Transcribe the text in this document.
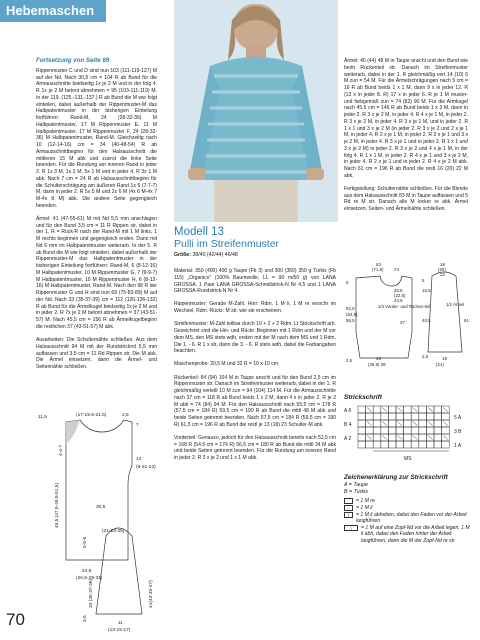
Hebemaschen
Fortsetzung von Seite 69

Rippenmuster C und D sind nun 103 (111-119-127) M auf der Nd. Nach 30,5 cm = 104 R ab Bund für die Armausschnitte beidseitig 1x je 2 M und in der folg 4. R 1x je 2 M betont abnehmen = 95 (103-111-119) M. In der 119. (125.-131.-137.) R ab Bund die M wie folgt einteilen, dabei außerhalb der Rippenmuster-M das Halbpatentmuster in der bisherigen Einteilung fortführen: Rand-M, 24 (28-32-36) M Halbpatentmuster, 17 M Rippenmuster E, 11 M Halbpatentmuster, 17 M Rippenmuster F, 24 (28-32-36) M Halbpatentmuster, Rand-M. Gleichzeitig nach 10 (12-14-16) cm = 34 (40-48-54) R ab Armausschnittbeginn für den Halsausschnitt die mittleren 15 M abk und zuerst die linke Seite beenden. Für die Rundung am inneren Rand in jeder 2. R 1x 3 M, 1x 2 M, 5x 1 M und in jeder 4. R 3x 1 M abk. Nach 7 cm = 24 R ab Halsausschnittbeginn für die Schulterschrägung am äußeren Rand 1x 5 (7-7-7) M, dann in jeder 2. R 5x 5 M und 2x 6 M (4x 6 M-4x 7 M-4x 8 M) abk. Die andere Seite gegengleich beenden.

Ärmel: 41 (47-55-61) M mit Nd 5,5 mm anschlagen und für den Bund 3,5 cm = 11 R Rippen str, dabei in der 1. R = Rück-R nach der Rand-M mit 1 M links, 1 M rechts beginnen und gegengleich enden. Dann mit Nd 6 mm im Halbpatentmuster weiterarb. In der 5. R ab Bund die M wie folgt einteilen, dabei außerhalb der Rippenmuster-M das Halbpatentmuster in der bisherigen Einteilung fortführen: Rand-M, 6 (8-12-16) M Halbpatentmuster, 10 M Rippenmuster G, 7 (9-9-7) M Halbpatentmuster, 10 M Rippenmuster H, 6 (8-12-16) M Halbpatentmuster, Rand-M. Nach den 98 R der Rippenmuster G und H sind nun 69 (75-83-89) M auf der Nd. Nach 33 (35-37-39) cm = 112 (120-126-132) R ab Bund für die Ärmelkugel beidseitig 1x je 2 M und in jeder 2. R 7x je 2 M betont abnehmen = 37 (43-51-57) M. Nach 45,5 cm = 156 R ab Ärmelkugelbeginn die restlichen 37 (43-51-57) M abk.

Ausarbeiten: Die Schulternähte schließen. Aus dem Halsausschnitt 94 M mit der Rundstricknd 5,5 mm auffassen und 3,5 cm = 11 Rd Rippen str. Die M abk. Die Ärmel einsetzen, dann die Ärmel- und Seitennähte schließen.

Modell 13
Pulli im Streifenmuster
Größe: 38/40 (42/44) 46/48

Material: 350 (400) 400 g Taupe (Fb 3) und 300 (350) 350 g Türkis (Fb 115) „Organico“ (100% Baumwolle, LL = 90 m/50 g) von LANA GROSSA. 1 Paar LANA GROSSA-Schnellstrick-N Nr 4,5 und 1 LANA GROSSA-Rundstrick-N Nr 4.

Rippenmuster: Gerade M-Zahl. Hinr: Rdm, 1 M li, 1 M re verschr im Wechsel, Rdm. Rückr: M str, wie sie erscheinen.

Streifenmuster: M-Zahl teilbar durch 10 + 2 + 2 Rdm. Lt Strickschrift arb. Gezeichnet sind die Hin- und Rückr. Beginnen mit 1 Rdm und der M vor dem MS, den MS stets wdh, enden mit der M nach dem MS und 1 Rdm. Die 1. - 6. R 1 x str, dann die 3. - 6. R stets wdh, dabei die Farbangaben beachten.

Maschenprobe: 20,5 M und 32 R = 10 x 10 cm.

Rückenteil: 84 (94) 104 M in Taupe anschl und für den Bund 2,5 cm im Rippenmuster str. Danach im Streifenmuster weiterarb, dabei in der 1. R gleichmäßig verteilt 10 M zun = 94 (104) 114 M. Für die Armausschnitte nach 37 cm = 118 R ab Bund beids 1 x 2 M, dann 4 x in jeder 2. R je 2 M abk = 74 (84) 94 M. Für den Halsausschnitt nach 55,5 cm = 178 R (57,5 cm = 184 R) 59,5 cm = 190 R ab Bund die mittl 48 M abk und beide Seiten getrennt beenden. Nach 57,5 cm = 184 R (59,5 cm = 190 R) 61,5 cm = 196 R ab Bund die restl je 13 (18) 23 Schulter-M abk.

Vorderteil: Genauso, jedoch für den Halsausschnitt bereits nach 52,5 cm = 168 R (54,5 cm = 174 R) 56,5 cm = 180 R ab Bund die mittl 34 M abk und beide Seiten getrennt beenden. Für die Rundung am inneren Rand in jeder 2. R 3 x je 2 und 1 x 1 M abk.

Ärmel: 40 (44) 48 M in Taupe anschl und den Bund wie beim Rückenteil str. Danach im Streifenmuster weiterarb, dabei in der 1. R gleichmäßig vert 14 (10) 6 M zun = 54 M. Für die Ärmelschrägungen nach 5 cm = 16 R ab Bund beids 1 x 1 M, dann 9 x in jeder 12. R (13 x in jeder 8. R) 17 x in jeder 6. R je 1 M muster- und farbgemäß zun = 74 (82) 90 M. Für die Armkugel nach 45,5 cm = 146 R ab Bund beids 1 x 3 M, dann in jeder 2. R 3 x je 2 M, in jeder 4. R 4 x je 1 M, in jeder 2. R 3 x je 2 M, in jeder 4. R 3 x je 1 M, und in jeder 2. R 1 x 1 und 3 x je 2 M (in jeder 2. R 3 x je 2 und 2 x je 1 M, in jeder 4. R 2 x je 1 M, in jeder 2. R 2 x je 1 und 3 x je 2 M, in jeder 4. R 3 x je 1 und in jeder 2. R 1 x 1 und 3 x je 2 M) in jeder 2. R 3 x je 2 und 4 x je 1 M, in der folg 4. R 1 x 1 M, in jeder 2. R 4 x je 1 und 3 x je 2 M, in jeder 4. R 2 x je 1 und in jeder 2. R 4 x je 2 M abk. Nach 61 cm = 196 R ab Bund die restl 16 (20) 22 M abk.

Fertigstellung: Schulternähte schließen. Für die Blende aus dem Halsausschnitt 83 M in Taupe auffassen und 5 Rd re M str. Danach alle M locker re abk. Ärmel einsetzen, Seiten- und Ärmelnähte schließen.

11,5	(17-19,5-21,5)	2,5
7
12
(9-21-23)
45,5 (47,5-49,5-51,5)
4-4-7
30,5
24,5
(26,5-29-31)
(21-23-25)
41(43-45-47)
33 (35-37-39)
5-5-6
3,5
11
(13-15-17)
63
(71,5) 74
1/2 Vorder- und Rücken-teil
52,5
(54,5)
56,5
5
20,5
(22,5)
24,5
37
46
(25,5) 28
2,5
18
(20)
22
1/2 Ärmel
61
15,5
40,5
5
19
(21)
2,5
Strickschrift
A 6
B 4
A 2
5 A
3 B
1 A
MS
Zeichenerklärung zur Strickschrift
A = Taupe
B = Türkis
= 1 M re
–	= 1 M li
\	= 1 M li abheben, dabei den Faden vor der Arbeit langführen
\	= 1 M auf eine Zopf-Nd vor die Arbeit legen, 1 M li abh, dabei den Faden hinter der Arbeit langführen, dann die M der Zopf-Nd re str
70
